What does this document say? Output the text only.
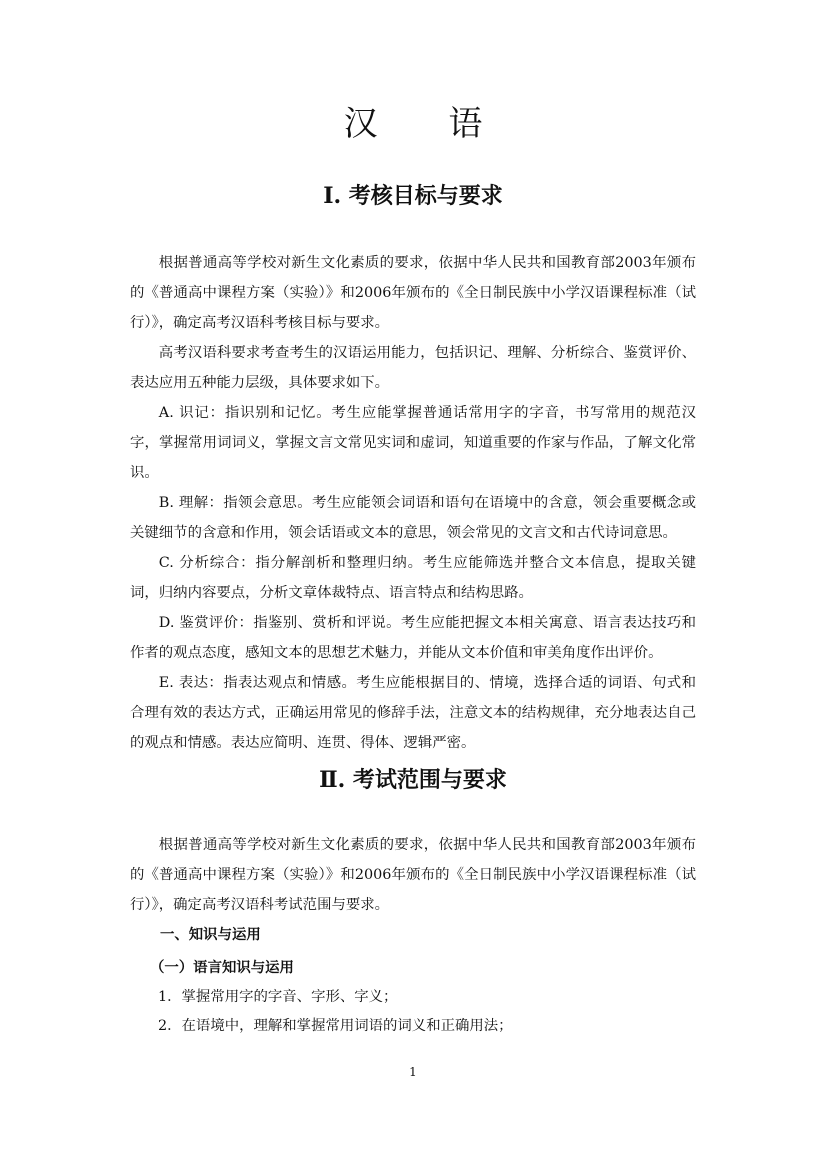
汉 语
Ⅰ. 考核目标与要求

根据普通高等学校对新生文化素质的要求，依据中华人民共和国教育部2003年颁布的《普通高中课程方案（实验）》和2006年颁布的《全日制民族中小学汉语课程标准（试行）》，确定高考汉语科考核目标与要求。

高考汉语科要求考查考生的汉语运用能力，包括识记、理解、分析综合、鉴赏评价、表达应用五种能力层级，具体要求如下。

A. 识记：指识别和记忆。考生应能掌握普通话常用字的字音，书写常用的规范汉字，掌握常用词词义，掌握文言文常见实词和虚词，知道重要的作家与作品，了解文化常识。

B. 理解：指领会意思。考生应能领会词语和语句在语境中的含意，领会重要概念或关键细节的含意和作用，领会话语或文本的意思，领会常见的文言文和古代诗词意思。

C. 分析综合：指分解剖析和整理归纳。考生应能筛选并整合文本信息，提取关键词，归纳内容要点，分析文章体裁特点、语言特点和结构思路。

D. 鉴赏评价：指鉴别、赏析和评说。考生应能把握文本相关寓意、语言表达技巧和作者的观点态度，感知文本的思想艺术魅力，并能从文本价值和审美角度作出评价。

E. 表达：指表达观点和情感。考生应能根据目的、情境，选择合适的词语、句式和合理有效的表达方式，正确运用常见的修辞手法，注意文本的结构规律，充分地表达自己的观点和情感。表达应简明、连贯、得体、逻辑严密。

Ⅱ. 考试范围与要求

根据普通高等学校对新生文化素质的要求，依据中华人民共和国教育部2003年颁布的《普通高中课程方案（实验）》和2006年颁布的《全日制民族中小学汉语课程标准（试行）》，确定高考汉语科考试范围与要求。

一、知识与运用
（一）语言知识与运用
1．掌握常用字的字音、字形、字义；
2．在语境中，理解和掌握常用词语的词义和正确用法；
1
